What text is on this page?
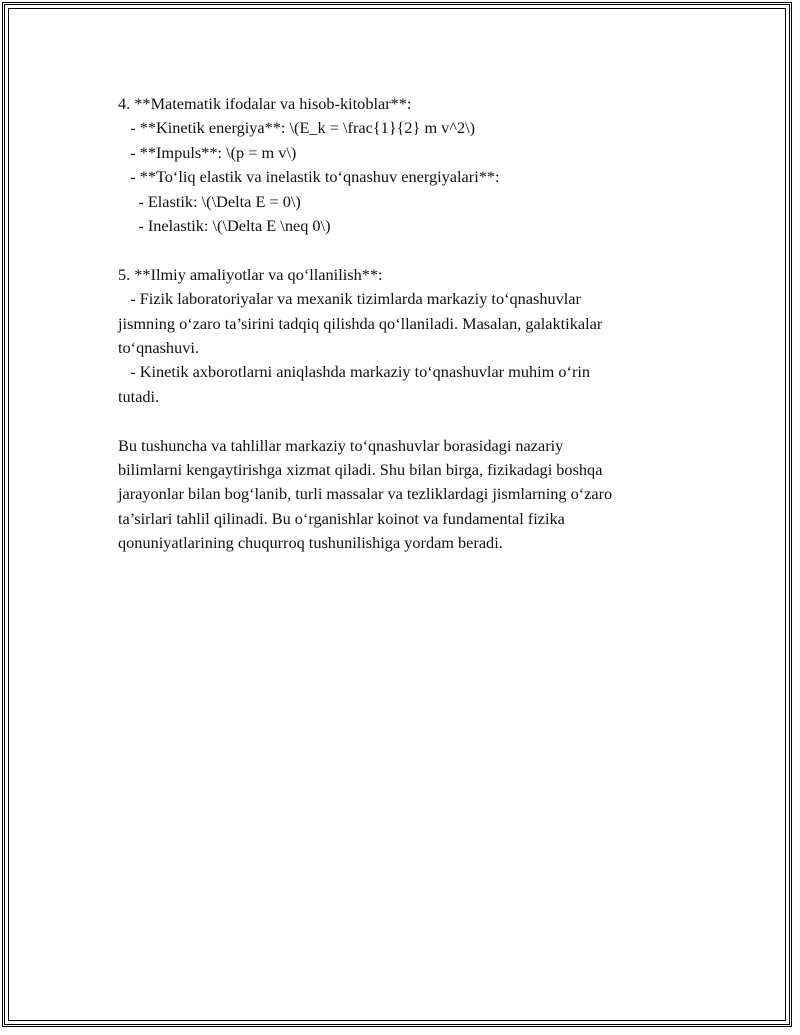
4. **Matematik ifodalar va hisob-kitoblar**:
- **Kinetik energiya**: \(E_k = \frac{1}{2} m v^2\)
- **Impuls**: \(p = m v\)
- **To‘liq elastik va inelastik to‘qnashuv energiyalari**:
- Elastik: \(\Delta E = 0\)
- Inelastik: \(\Delta E \neq 0\)
5. **Ilmiy amaliyotlar va qo‘llanilish**:
- Fizik laboratoriyalar va mexanik tizimlarda markaziy to‘qnashuvlar
jismning o‘zaro ta’sirini tadqiq qilishda qo‘llaniladi. Masalan, galaktikalar
to‘qnashuvi.
- Kinetik axborotlarni aniqlashda markaziy to‘qnashuvlar muhim o‘rin
tutadi.
Bu tushuncha va tahlillar markaziy to‘qnashuvlar borasidagi nazariy
bilimlarni kengaytirishga xizmat qiladi. Shu bilan birga, fizikadagi boshqa
jarayonlar bilan bog‘lanib, turli massalar va tezliklardagi jismlarning o‘zaro
ta’sirlari tahlil qilinadi. Bu o‘rganishlar koinot va fundamental fizika
qonuniyatlarining chuqurroq tushunilishiga yordam beradi.
